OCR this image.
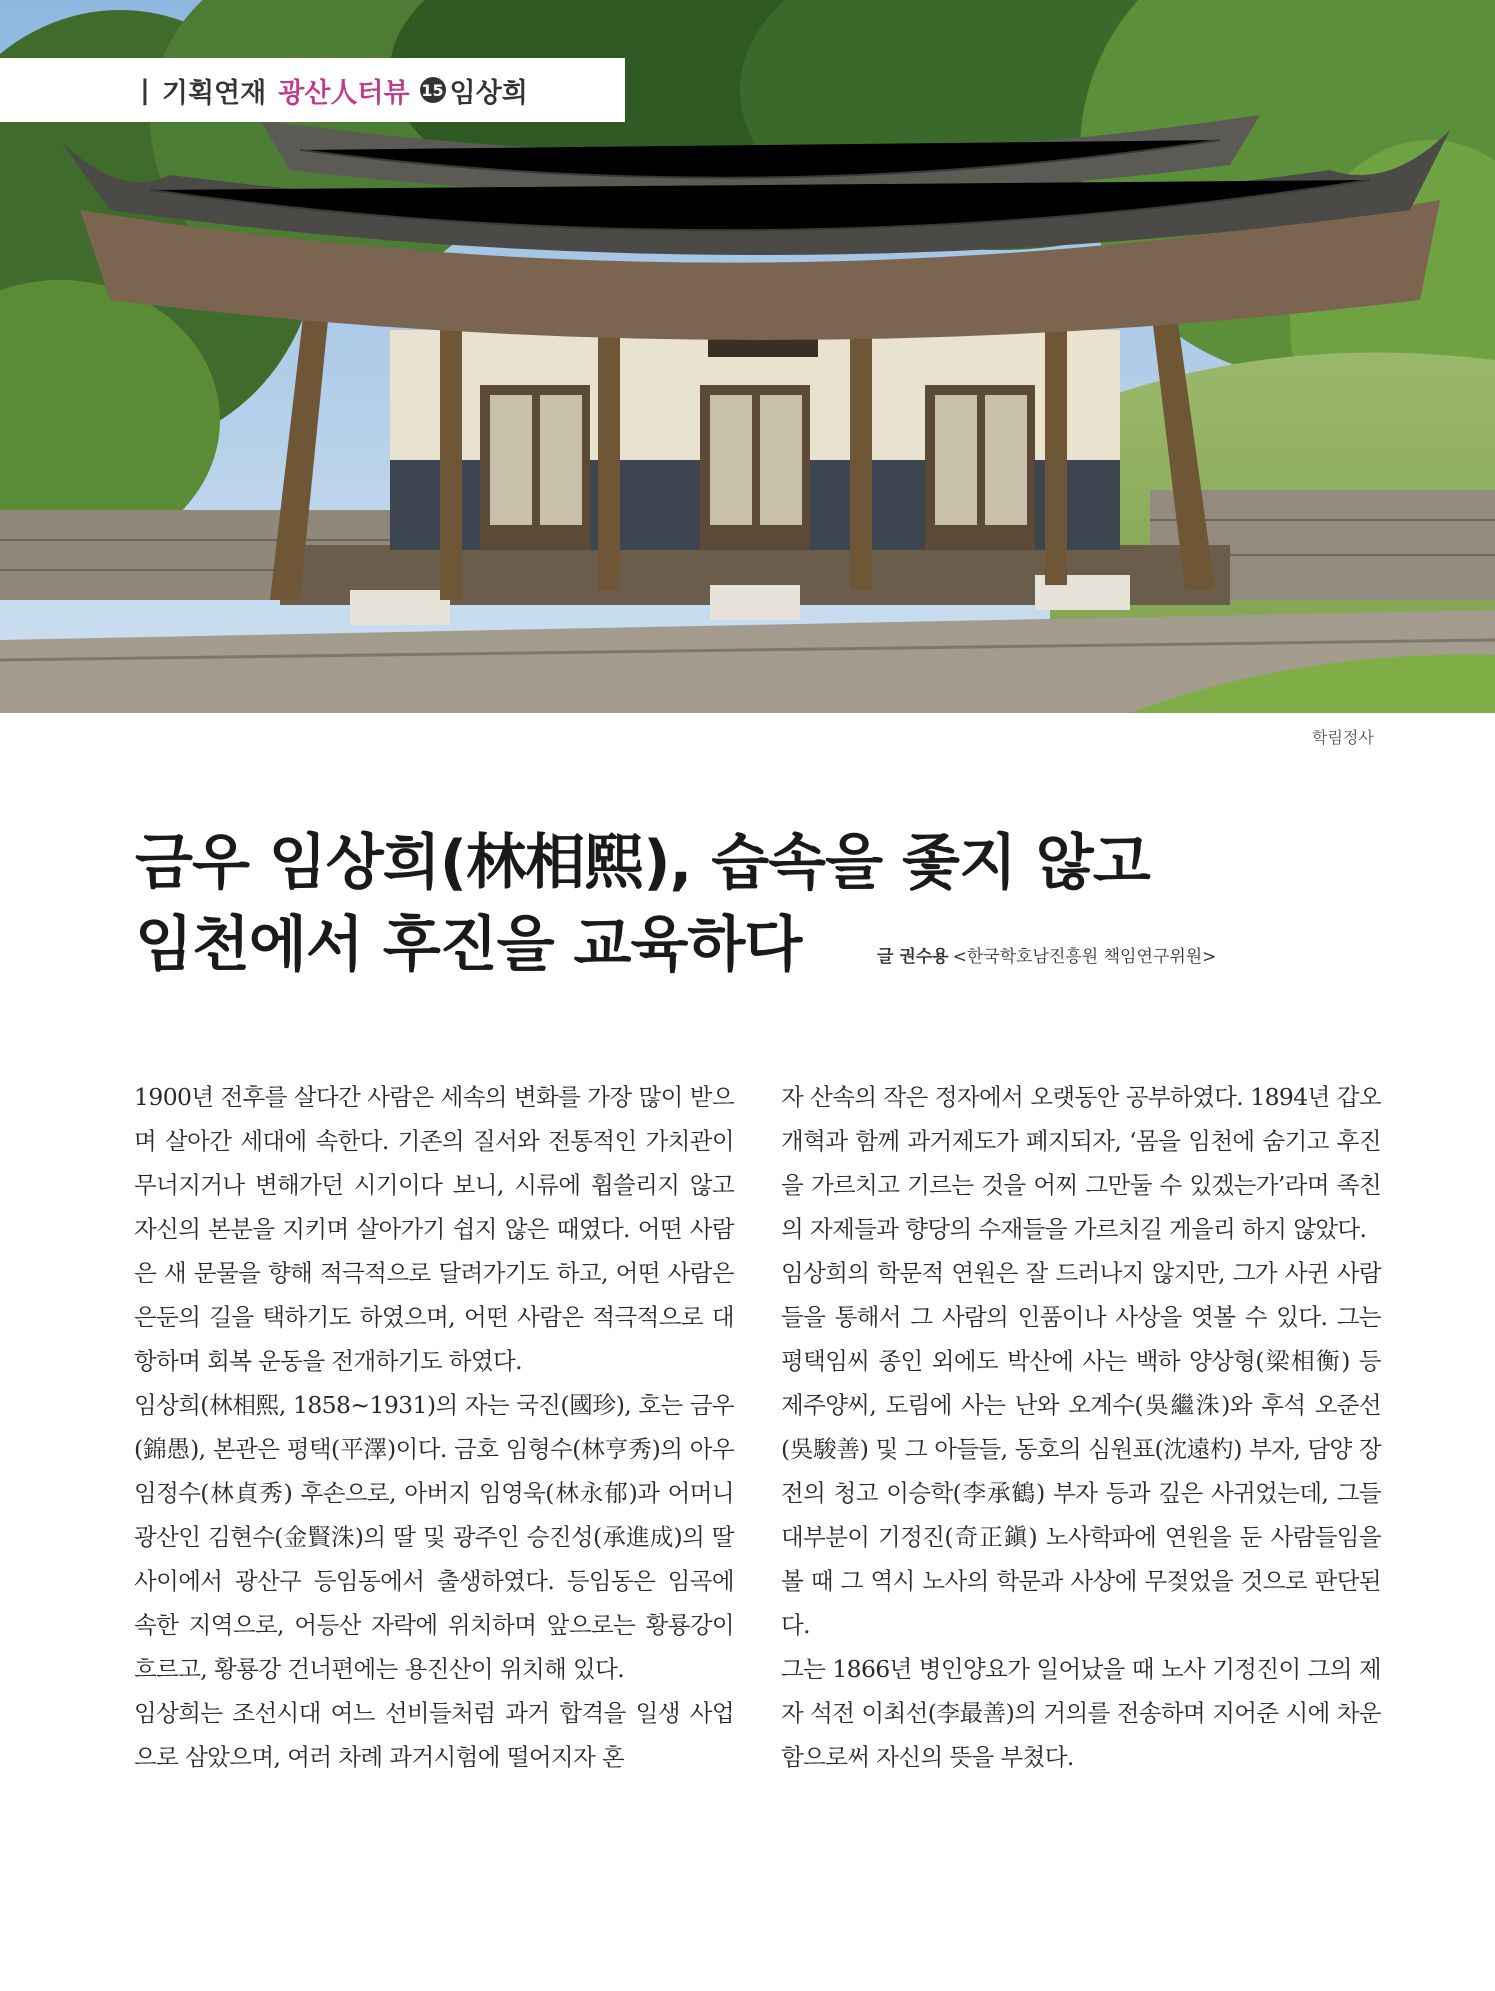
| 기획연재 광산人터뷰 15 임상희
학림정사
금우 임상희(林相熙), 습속을 좇지 않고
임천에서 후진을 교육하다	글 권수용 <한국학호남진흥원 책임연구위원>

1900년 전후를 살다간 사람은 세속의 변화를 가장 많이 받으며 살아간 세대에 속한다. 기존의 질서와 전통적인 가치관이 무너지거나 변해가던 시기이다 보니, 시류에 휩쓸리지 않고 자신의 본분을 지키며 살아가기 쉽지 않은 때였다. 어떤 사람은 새 문물을 향해 적극적으로 달려가기도 하고, 어떤 사람은 은둔의 길을 택하기도 하였으며, 어떤 사람은 적극적으로 대항하며 회복 운동을 전개하기도 하였다.

임상희(林相熙, 1858~1931)의 자는 국진(國珍), 호는 금우(錦愚), 본관은 평택(平澤)이다. 금호 임형수(林亨秀)의 아우 임정수(林貞秀) 후손으로, 아버지 임영욱(林永郁)과 어머니 광산인 김현수(金賢洙)의 딸 및 광주인 승진성(承進成)의 딸 사이에서 광산구 등임동에서 출생하였다. 등임동은 임곡에 속한 지역으로, 어등산 자락에 위치하며 앞으로는 황룡강이 흐르고, 황룡강 건너편에는 용진산이 위치해 있다.

임상희는 조선시대 여느 선비들처럼 과거 합격을 일생 사업으로 삼았으며, 여러 차례 과거시험에 떨어지자 혼

자 산속의 작은 정자에서 오랫동안 공부하였다. 1894년 갑오개혁과 함께 과거제도가 폐지되자, ‘몸을 임천에 숨기고 후진을 가르치고 기르는 것을 어찌 그만둘 수 있겠는가’라며 족친의 자제들과 향당의 수재들을 가르치길 게을리 하지 않았다.

임상희의 학문적 연원은 잘 드러나지 않지만, 그가 사귄 사람들을 통해서 그 사람의 인품이나 사상을 엿볼 수 있다. 그는 평택임씨 종인 외에도 박산에 사는 백하 양상형(梁相衡) 등 제주양씨, 도림에 사는 난와 오계수(吳繼洙)와 후석 오준선(吳駿善) 및 그 아들들, 동호의 심원표(沈遠杓) 부자, 담양 장전의 청고 이승학(李承鶴) 부자 등과 깊은 사귀었는데, 그들 대부분이 기정진(奇正鎭) 노사학파에 연원을 둔 사람들임을 볼 때 그 역시 노사의 학문과 사상에 무젖었을 것으로 판단된다.

그는 1866년 병인양요가 일어났을 때 노사 기정진이 그의 제자 석전 이최선(李最善)의 거의를 전송하며 지어준 시에 차운함으로써 자신의 뜻을 부쳤다.
